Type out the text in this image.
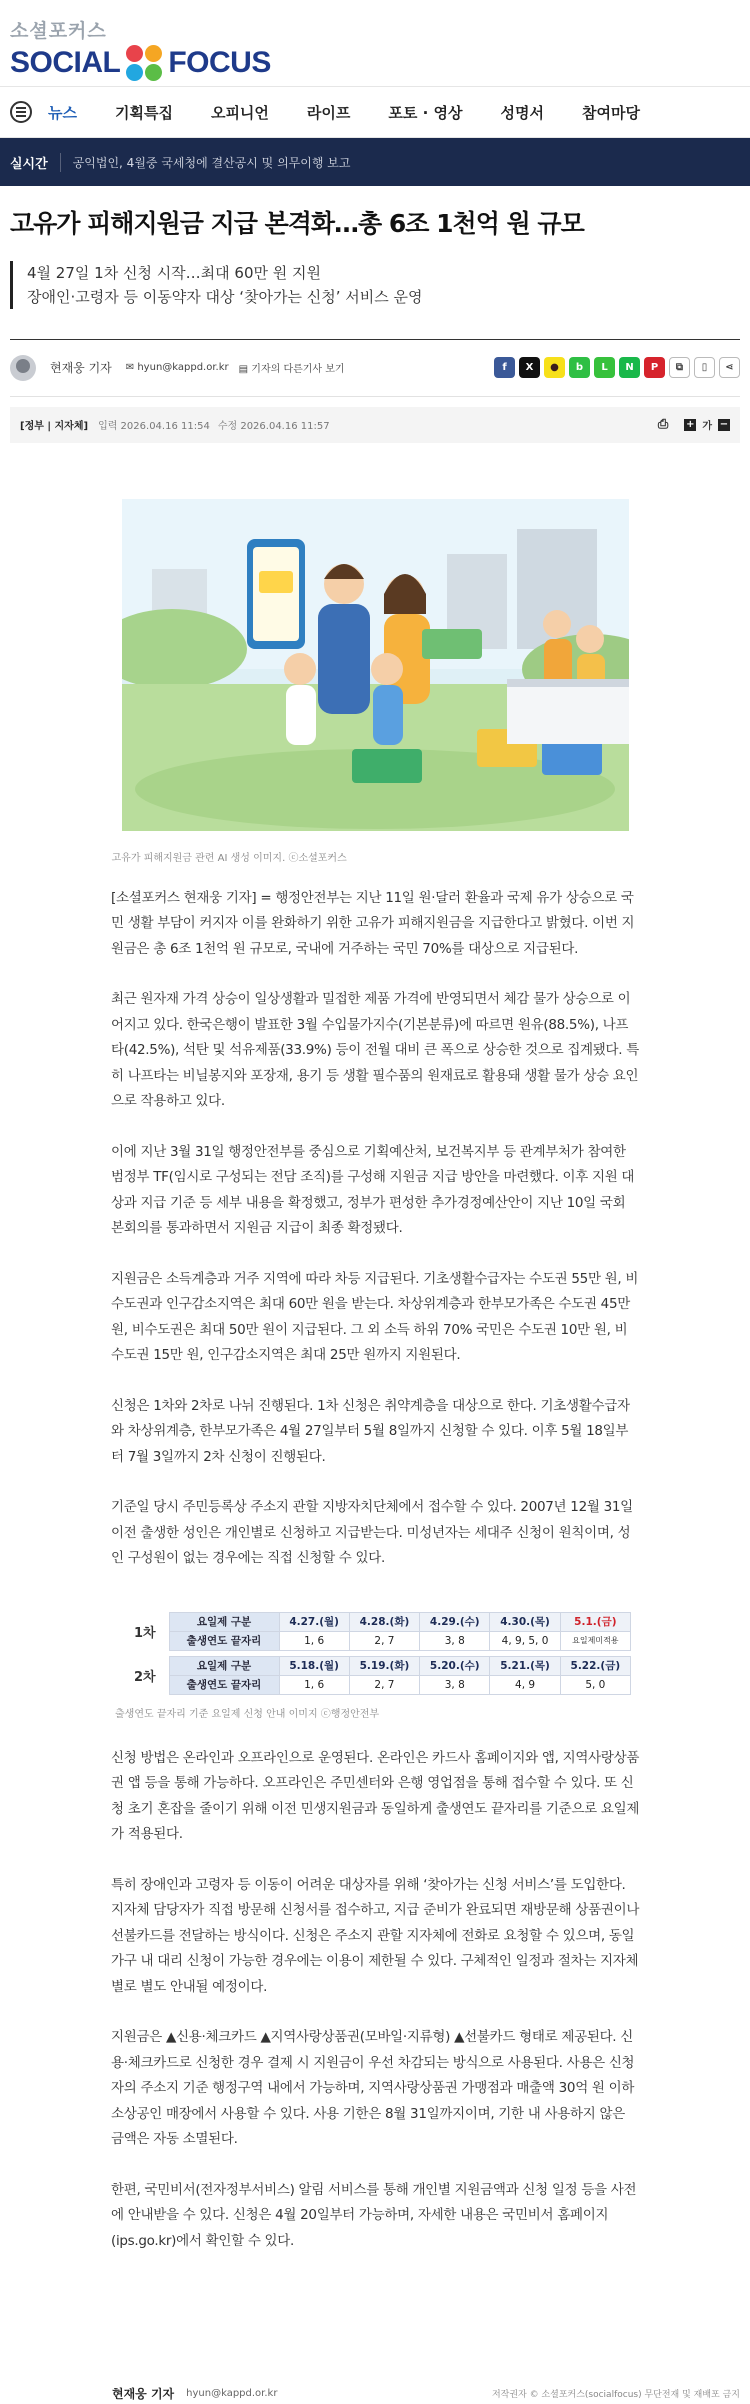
소셜포커스
SOCIAL FOCUS
뉴스	기획특집	오피니언	라이프	포토 · 영상	성명서	참여마당
실시간	공익법인, 4월중 국세청에 결산공시 및 의무이행 보고
고유가 피해지원금 지급 본격화…총 6조 1천억 원 규모
4월 27일 1차 신청 시작…최대 60만 원 지원
장애인·고령자 등 이동약자 대상 ‘찾아가는 신청’ 서비스 운영
현재웅 기자 ✉ hyun@kappd.or.kr ▤ 기자의 다른기사 보기	f	X	●	b	L	N	P	⧉	▯	⋖
[정부 | 지자체] 입력 2026.04.16 11:54 수정 2026.04.16 11:57	⎙ + 가 −
고유가 피해지원금 관련 AI 생성 이미지. ⓒ소셜포커스

[소셜포커스 현재웅 기자] = 행정안전부는 지난 11일 원·달러 환율과 국제 유가 상승으로 국민 생활 부담이 커지자 이를 완화하기 위한 고유가 피해지원금을 지급한다고 밝혔다. 이번 지원금은 총 6조 1천억 원 규모로, 국내에 거주하는 국민 70%를 대상으로 지급된다.

최근 원자재 가격 상승이 일상생활과 밀접한 제품 가격에 반영되면서 체감 물가 상승으로 이어지고 있다. 한국은행이 발표한 3월 수입물가지수(기본분류)에 따르면 원유(88.5%), 나프타(42.5%), 석탄 및 석유제품(33.9%) 등이 전월 대비 큰 폭으로 상승한 것으로 집계됐다. 특히 나프타는 비닐봉지와 포장재, 용기 등 생활 필수품의 원재료로 활용돼 생활 물가 상승 요인으로 작용하고 있다.

이에 지난 3월 31일 행정안전부를 중심으로 기획예산처, 보건복지부 등 관계부처가 참여한 범정부 TF(임시로 구성되는 전담 조직)를 구성해 지원금 지급 방안을 마련했다. 이후 지원 대상과 지급 기준 등 세부 내용을 확정했고, 정부가 편성한 추가경정예산안이 지난 10일 국회 본회의를 통과하면서 지원금 지급이 최종 확정됐다.

지원금은 소득계층과 거주 지역에 따라 차등 지급된다. 기초생활수급자는 수도권 55만 원, 비수도권과 인구감소지역은 최대 60만 원을 받는다. 차상위계층과 한부모가족은 수도권 45만 원, 비수도권은 최대 50만 원이 지급된다. 그 외 소득 하위 70% 국민은 수도권 10만 원, 비수도권 15만 원, 인구감소지역은 최대 25만 원까지 지원된다.

신청은 1차와 2차로 나뉘 진행된다. 1차 신청은 취약계층을 대상으로 한다. 기초생활수급자와 차상위계층, 한부모가족은 4월 27일부터 5월 8일까지 신청할 수 있다. 이후 5월 18일부터 7월 3일까지 2차 신청이 진행된다.

기준일 당시 주민등록상 주소지 관할 지방자치단체에서 접수할 수 있다. 2007년 12월 31일 이전 출생한 성인은 개인별로 신청하고 지급받는다. 미성년자는 세대주 신청이 원칙이며, 성인 구성원이 없는 경우에는 직접 신청할 수 있다.

1차	요일제 구분	4.27.(월)	4.28.(화)	4.29.(수)	4.30.(목)	5.1.(금)
	출생연도 끝자리	1, 6	2, 7	3, 8	4, 9, 5, 0	요일제미적용

2차	요일제 구분	5.18.(월)	5.19.(화)	5.20.(수)	5.21.(목)	5.22.(금)
	출생연도 끝자리	1, 6	2, 7	3, 8	4, 9	5, 0
출생연도 끝자리 기준 요일제 신청 안내 이미지 ⓒ행정안전부

신청 방법은 온라인과 오프라인으로 운영된다. 온라인은 카드사 홈페이지와 앱, 지역사랑상품권 앱 등을 통해 가능하다. 오프라인은 주민센터와 은행 영업점을 통해 접수할 수 있다. 또 신청 초기 혼잡을 줄이기 위해 이전 민생지원금과 동일하게 출생연도 끝자리를 기준으로 요일제가 적용된다.

특히 장애인과 고령자 등 이동이 어려운 대상자를 위해 ‘찾아가는 신청 서비스’를 도입한다. 지자체 담당자가 직접 방문해 신청서를 접수하고, 지급 준비가 완료되면 재방문해 상품권이나 선불카드를 전달하는 방식이다. 신청은 주소지 관할 지자체에 전화로 요청할 수 있으며, 동일 가구 내 대리 신청이 가능한 경우에는 이용이 제한될 수 있다. 구체적인 일정과 절차는 지자체별로 별도 안내될 예정이다.

지원금은 ▲신용·체크카드 ▲지역사랑상품권(모바일·지류형) ▲선불카드 형태로 제공된다. 신용·체크카드로 신청한 경우 결제 시 지원금이 우선 차감되는 방식으로 사용된다. 사용은 신청자의 주소지 기준 행정구역 내에서 가능하며, 지역사랑상품권 가맹점과 매출액 30억 원 이하 소상공인 매장에서 사용할 수 있다. 사용 기한은 8월 31일까지이며, 기한 내 사용하지 않은 금액은 자동 소멸된다.

한편, 국민비서(전자정부서비스) 알림 서비스를 통해 개인별 지원금액과 신청 일정 등을 사전에 안내받을 수 있다. 신청은 4월 20일부터 가능하며, 자세한 내용은 국민비서 홈페이지(ips.go.kr)에서 확인할 수 있다.

현재웅 기자 hyun@kappd.or.kr	저작권자 © 소셜포커스(socialfocus) 무단전재 및 재배포 금지
